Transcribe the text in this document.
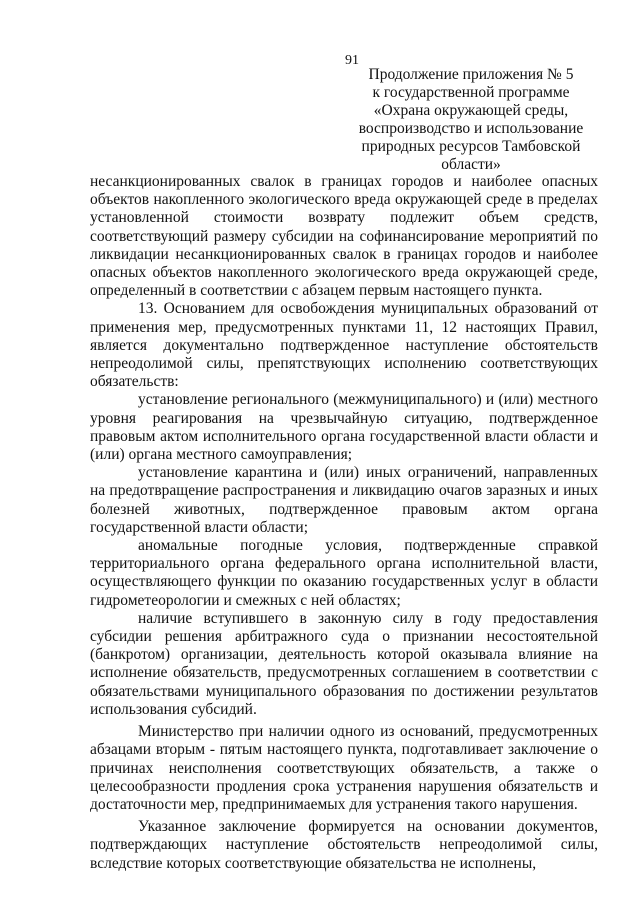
91
Продолжение приложения № 5
к государственной программе
«Охрана окружающей среды,
воспроизводство и использование
природных ресурсов Тамбовской
области»

несанкционированных свалок в границах городов и наиболее опасных объектов накопленного экологического вреда окружающей среде в пределах установленной стоимости возврату подлежит объем средств, соответствующий размеру субсидии на софинансирование мероприятий по ликвидации несанкционированных свалок в границах городов и наиболее опасных объектов накопленного экологического вреда окружающей среде, определенный в соответствии с абзацем первым настоящего пункта.

13. Основанием для освобождения муниципальных образований от применения мер, предусмотренных пунктами 11, 12 настоящих Правил, является документально подтвержденное наступление обстоятельств непреодолимой силы, препятствующих исполнению соответствующих обязательств:

установление регионального (межмуниципального) и (или) местного уровня реагирования на чрезвычайную ситуацию, подтвержденное правовым актом исполнительного органа государственной власти области и (или) органа местного самоуправления;

установление карантина и (или) иных ограничений, направленных на предотвращение распространения и ликвидацию очагов заразных и иных болезней животных, подтвержденное правовым актом органа государственной власти области;

аномальные погодные условия, подтвержденные справкой территориального органа федерального органа исполнительной власти, осуществляющего функции по оказанию государственных услуг в области гидрометеорологии и смежных с ней областях;

наличие вступившего в законную силу в году предоставления субсидии решения арбитражного суда о признании несостоятельной (банкротом) организации, деятельность которой оказывала влияние на исполнение обязательств, предусмотренных соглашением в соответствии с обязательствами муниципального образования по достижении результатов использования субсидий.

Министерство при наличии одного из оснований, предусмотренных абзацами вторым - пятым настоящего пункта, подготавливает заключение о причинах неисполнения соответствующих обязательств, а также о целесообразности продления срока устранения нарушения обязательств и достаточности мер, предпринимаемых для устранения такого нарушения.

Указанное заключение формируется на основании документов, подтверждающих наступление обстоятельств непреодолимой силы, вследствие которых соответствующие обязательства не исполнены,
